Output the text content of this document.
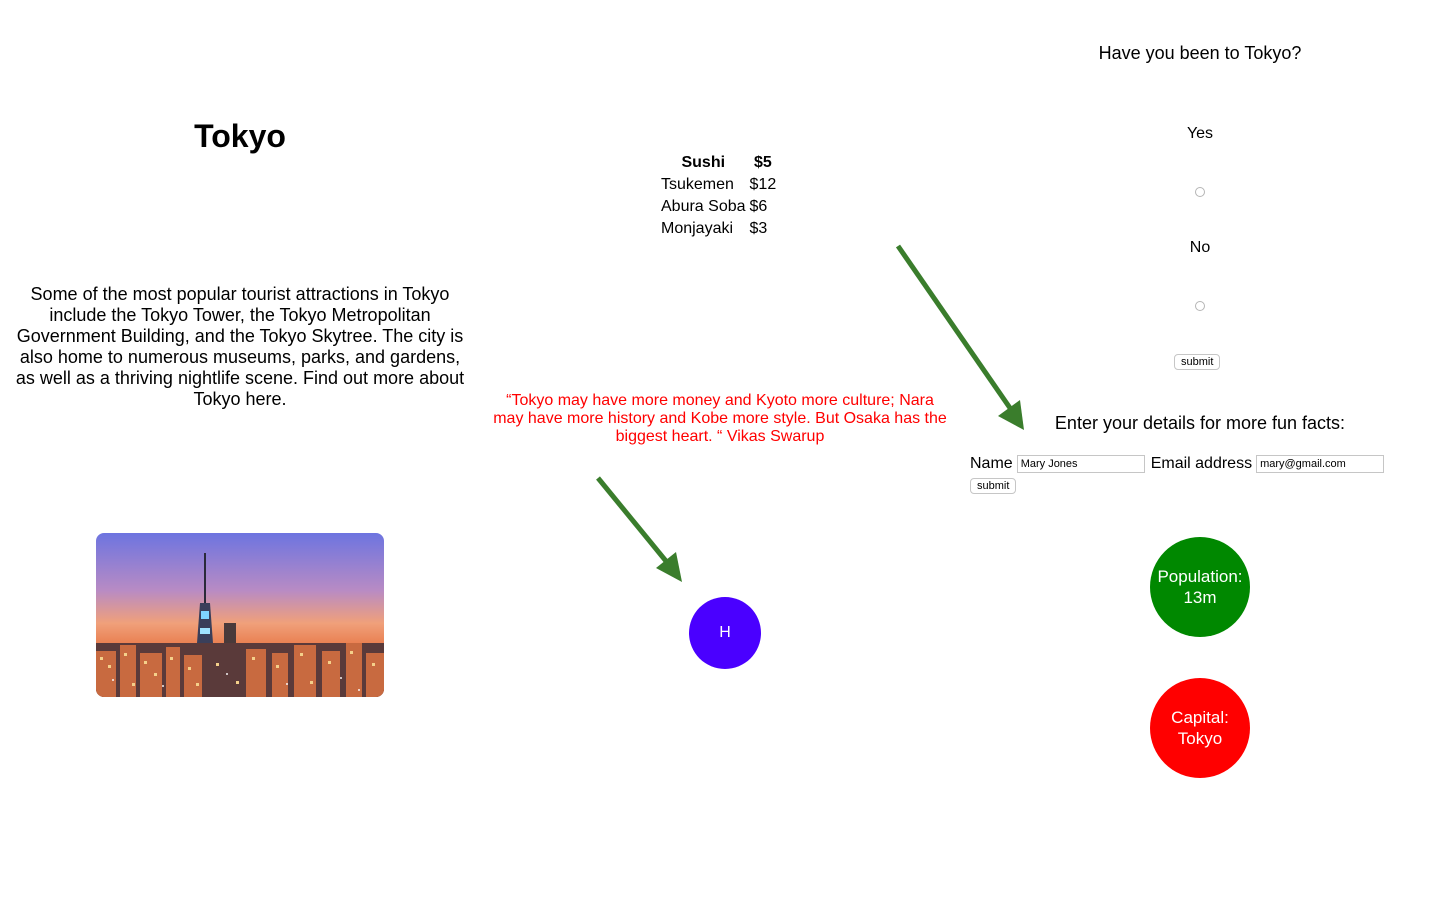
Tokyo

Some of the most popular tourist attractions in Tokyo include the Tokyo Tower, the Tokyo Metropolitan Government Building, and the Tokyo Skytree. The city is also home to numerous museums, parks, and gardens, as well as a thriving nightlife scene. Find out more about Tokyo here.

Sushi	$5
Tsukemen	$12
Abura Soba	$6
Monjayaki	$3

“Tokyo may have more money and Kyoto more culture; Nara may have more history and Kobe more style. But Osaka has the biggest heart. “ Vikas Swarup

H

Have you been to Tokyo?

Yes
No
submit

Enter your details for more fun facts:

Name
Mary Jones	Email address
mary@gmail.com
submit
Population: 13m
Capital: Tokyo
